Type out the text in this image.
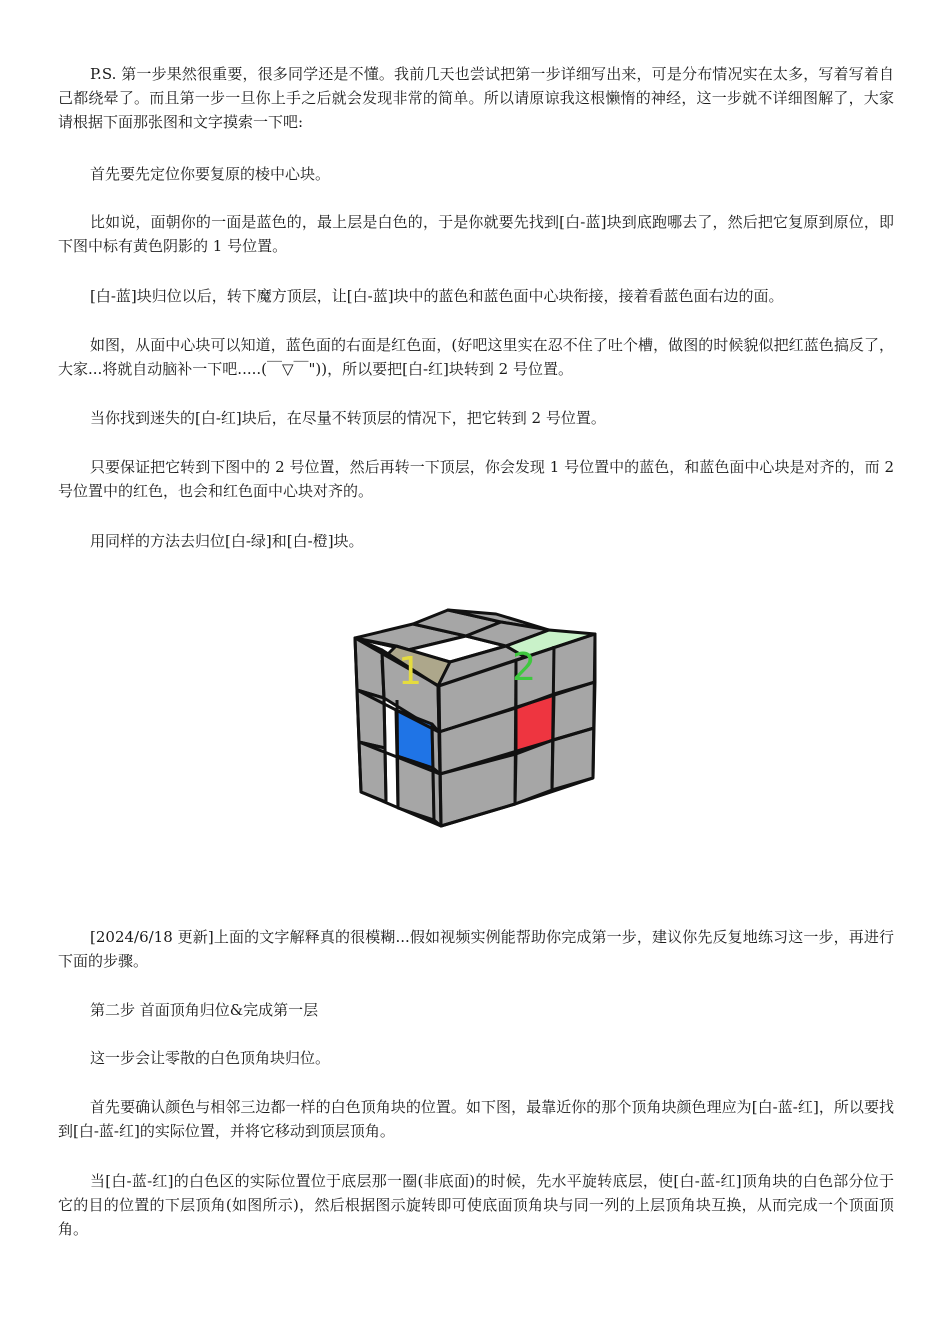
P.S. 第一步果然很重要，很多同学还是不懂。我前几天也尝试把第一步详细写出来，可是分布情况实在太多，写着写着自己都绕晕了。而且第一步一旦你上手之后就会发现非常的简单。所以请原谅我这根懒惰的神经，这一步就不详细图解了，大家请根据下面那张图和文字摸索一下吧:

首先要先定位你要复原的棱中心块。

比如说，面朝你的一面是蓝色的，最上层是白色的，于是你就要先找到[白-蓝]块到底跑哪去了，然后把它复原到原位，即下图中标有黄色阴影的 1 号位置。

[白-蓝]块归位以后，转下魔方顶层，让[白-蓝]块中的蓝色和蓝色面中心块衔接，接着看蓝色面右边的面。

如图，从面中心块可以知道，蓝色面的右面是红色面，(好吧这里实在忍不住了吐个槽，做图的时候貌似把红蓝色搞反了，大家...将就自动脑补一下吧.....(￣▽￣"))，所以要把[白-红]块转到 2 号位置。

当你找到迷失的[白-红]块后，在尽量不转顶层的情况下，把它转到 2 号位置。

只要保证把它转到下图中的 2 号位置，然后再转一下顶层，你会发现 1 号位置中的蓝色，和蓝色面中心块是对齐的，而 2 号位置中的红色，也会和红色面中心块对齐的。

用同样的方法去归位[白-绿]和[白-橙]块。

1 2

[2024/6/18 更新]上面的文字解释真的很模糊...假如视频实例能帮助你完成第一步，建议你先反复地练习这一步，再进行下面的步骤。

第二步 首面顶角归位&完成第一层

这一步会让零散的白色顶角块归位。

首先要确认颜色与相邻三边都一样的白色顶角块的位置。如下图，最靠近你的那个顶角块颜色理应为[白-蓝-红]，所以要找到[白-蓝-红]的实际位置，并将它移动到顶层顶角。

当[白-蓝-红]的白色区的实际位置位于底层那一圈(非底面)的时候，先水平旋转底层，使[白-蓝-红]顶角块的白色部分位于它的目的位置的下层顶角(如图所示)，然后根据图示旋转即可使底面顶角块与同一列的上层顶角块互换，从而完成一个顶面顶角。
